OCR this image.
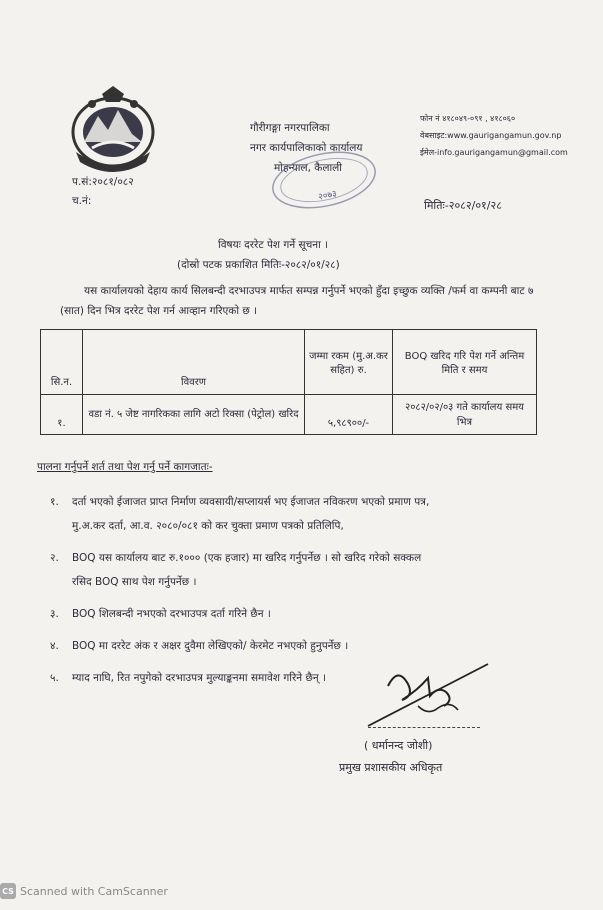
गौरीगङ्गा नगरपालिका
नगर कार्यपालिकाको कार्यालय
मोहन्याल, कैलाली
२०७३
फोन नं ४१८०४९-०९१ , ४१८०६०
वेबसाइट:www.gaurigangamun.gov.np
ईमेल-info.gaurigangamun@gmail.com
प.सं:२०८१/०८२
च.नं:	मितिः-२०८२/०१/२८
विषयः दररेट पेश गर्ने सूचना ।
(दोस्रो पटक प्रकाशित मितिः-२०८२/०१/२८)
यस कार्यालयको देहाय कार्य सिलबन्दी दरभाउपत्र मार्फत सम्पन्न गर्नुपर्ने भएको हुँदा इच्छुक व्यक्ति /फर्म वा कम्पनी बाट ७ (सात) दिन भित्र दररेट पेश गर्न आव्हान गरिएको छ ।
सि.न.	विवरण	जम्मा रकम (मु.अ.कर सहित) रु.	BOQ खरिद गरि पेश गर्ने अन्तिम मिति र समय
१.	वडा नं. ५ जेष्ट नागरिकका लागि अटो रिक्सा (पेट्रोल) खरिद	५,९८९००/-	२०८२/०२/०३ गते कार्यालय समय भित्र
पालना गर्नुपर्ने शर्त तथा पेश गर्नु पर्ने कागजातः-
१. दर्ता भएको ईजाजत प्राप्त निर्माण व्यवसायी/सप्लायर्स भए ईजाजत नविकरण भएको प्रमाण पत्र,
मु.अ.कर दर्ता, आ.व. २०८०/०८१ को कर चुक्ता प्रमाण पत्रको प्रतिलिपि,
२. BOQ यस कार्यालय बाट रु.१००० (एक हजार) मा खरिद गर्नुपर्नेछ । सो खरिद गरेको सक्कल
रसिद BOQ साथ पेश गर्नुपर्नेछ ।
३. BOQ शिलबन्दी नभएको दरभाउपत्र दर्ता गरिने छैन ।
४. BOQ मा दररेट अंक र अक्षर दुवैमा लेखिएको/ केरमेट नभएको हुनुपर्नेछ ।
५. म्याद नाघि, रित नपुगेको दरभाउपत्र मुल्याङ्कनमा समावेश गरिने छैन् ।
( धर्मानन्द जोशी)
प्रमुख प्रशासकीय अधिकृत
CS Scanned with CamScanner
